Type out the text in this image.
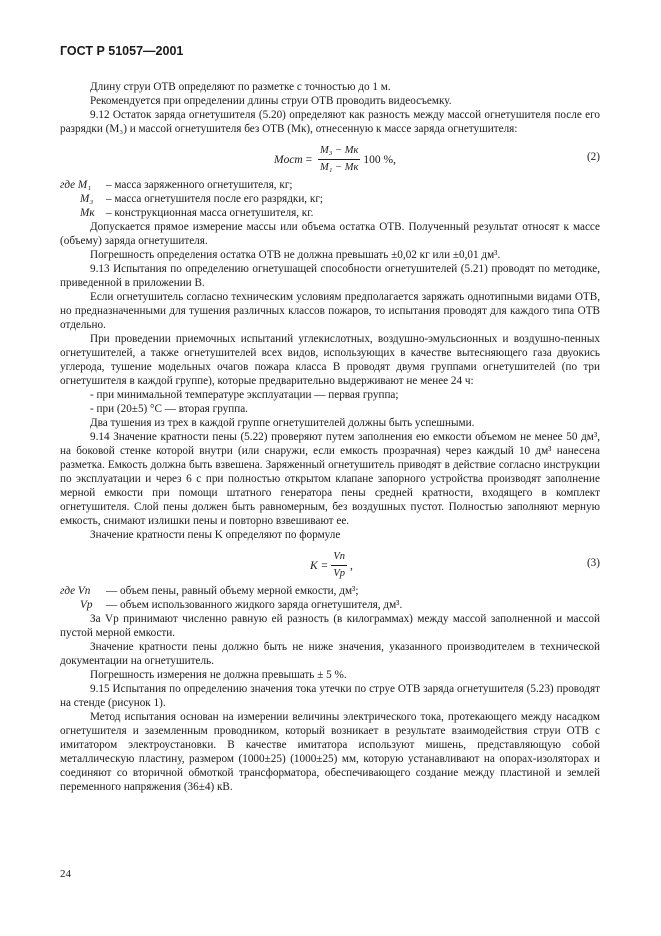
ГОСТ Р 51057—2001

Длину струи ОТВ определяют по разметке с точностью до 1 м.

Рекомендуется при определении длины струи ОТВ проводить видеосъемку.

9.12 Остаток заряда огнетушителя (5.20) определяют как разность между массой огнетушителя после его разрядки (M₃) и массой огнетушителя без ОТВ (Mк), отнесенную к массе заряда огнетушителя:

Mост = $\frac{\text{M₃ − Mк}}{\text{M₁ − Mк}} 100$ %,	(2)
где M₁	– масса заряженного огнетушителя, кг;
M₃	– масса огнетушителя после его разрядки, кг;
Mк	– конструкционная масса огнетушителя, кг.

Допускается прямое измерение массы или объема остатка ОТВ. Полученный результат относят к массе (объему) заряда огнетушителя.

Погрешность определения остатка ОТВ не должна превышать ±0,02 кг или ±0,01 дм³.

9.13 Испытания по определению огнетушащей способности огнетушителей (5.21) проводят по методике, приведенной в приложении В.

Если огнетушитель согласно техническим условиям предполагается заряжать однотипными видами ОТВ, но предназначенными для тушения различных классов пожаров, то испытания проводят для каждого типа ОТВ отдельно.

При проведении приемочных испытаний углекислотных, воздушно-эмульсионных и воздушно-пенных огнетушителей, а также огнетушителей всех видов, использующих в качестве вытесняющего газа двуокись углерода, тушение модельных очагов пожара класса В проводят двумя группами огнетушителей (по три огнетушителя в каждой группе), которые предварительно выдерживают не менее 24 ч:

- при минимальной температуре эксплуатации — первая группа;

- при (20±5) °С — вторая группа.

Два тушения из трех в каждой группе огнетушителей должны быть успешными.

9.14 Значение кратности пены (5.22) проверяют путем заполнения ею емкости объемом не менее 50 дм³, на боковой стенке которой внутри (или снаружи, если емкость прозрачная) через каждый 10 дм³ нанесена разметка. Емкость должна быть взвешена. Заряженный огнетушитель приводят в действие согласно инструкции по эксплуатации и через 6 с при полностью открытом клапане запорного устройства производят заполнение мерной емкости при помощи штатного генератора пены средней кратности, входящего в комплект огнетушителя. Слой пены должен быть равномерным, без воздушных пустот. Полностью заполняют мерную емкость, снимают излишки пены и повторно взвешивают ее.

Значение кратности пены K определяют по формуле

$K = \frac{Vп}{Vр}$ ,	(3)
где Vп	— объем пены, равный объему мерной емкости, дм³;
Vр	— объем использованного жидкого заряда огнетушителя, дм³.

За Vр принимают численно равную ей разность (в килограммах) между массой заполненной и массой пустой мерной емкости.

Значение кратности пены должно быть не ниже значения, указанного производителем в технической документации на огнетушитель.

Погрешность измерения не должна превышать ± 5 %.

9.15 Испытания по определению значения тока утечки по струе ОТВ заряда огнетушителя (5.23) проводят на стенде (рисунок 1).

Метод испытания основан на измерении величины электрического тока, протекающего между насадком огнетушителя и заземленным проводником, который возникает в результате взаимодействия струи ОТВ с имитатором электроустановки. В качестве имитатора используют мишень, представляющую собой металлическую пластину, размером (1000±25) (1000±25) мм, которую устанавливают на опорах-изоляторах и соединяют со вторичной обмоткой трансформатора, обеспечивающего создание между пластиной и землей переменного напряжения (36±4) кВ.

24
